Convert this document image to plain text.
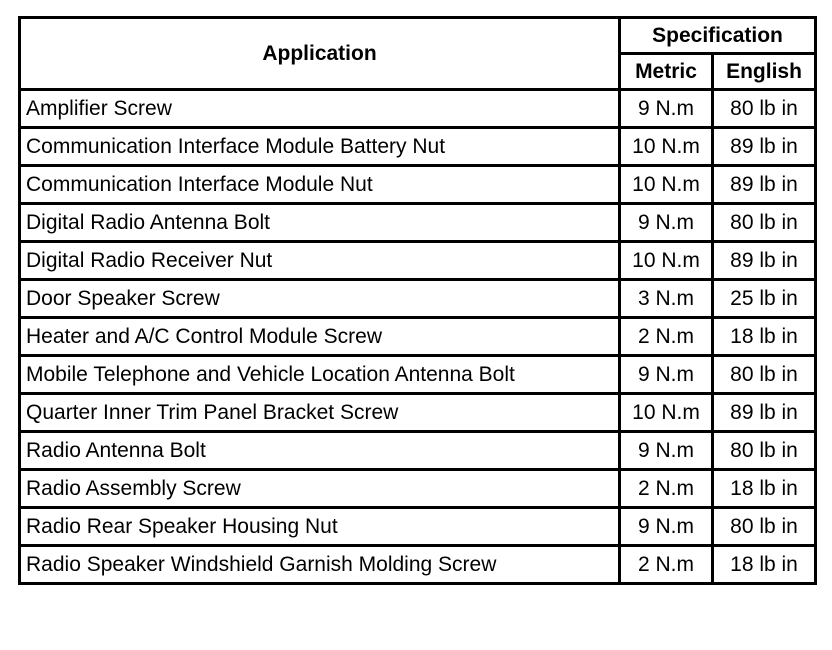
Application	Specification	
	Metric	English
Amplifier Screw	9 N.m	80 lb in
Communication Interface Module Battery Nut	10 N.m	89 lb in
Communication Interface Module Nut	10 N.m	89 lb in
Digital Radio Antenna Bolt	9 N.m	80 lb in
Digital Radio Receiver Nut	10 N.m	89 lb in
Door Speaker Screw	3 N.m	25 lb in
Heater and A/C Control Module Screw	2 N.m	18 lb in
Mobile Telephone and Vehicle Location Antenna Bolt	9 N.m	80 lb in
Quarter Inner Trim Panel Bracket Screw	10 N.m	89 lb in
Radio Antenna Bolt	9 N.m	80 lb in
Radio Assembly Screw	2 N.m	18 lb in
Radio Rear Speaker Housing Nut	9 N.m	80 lb in
Radio Speaker Windshield Garnish Molding Screw	2 N.m	18 lb in
